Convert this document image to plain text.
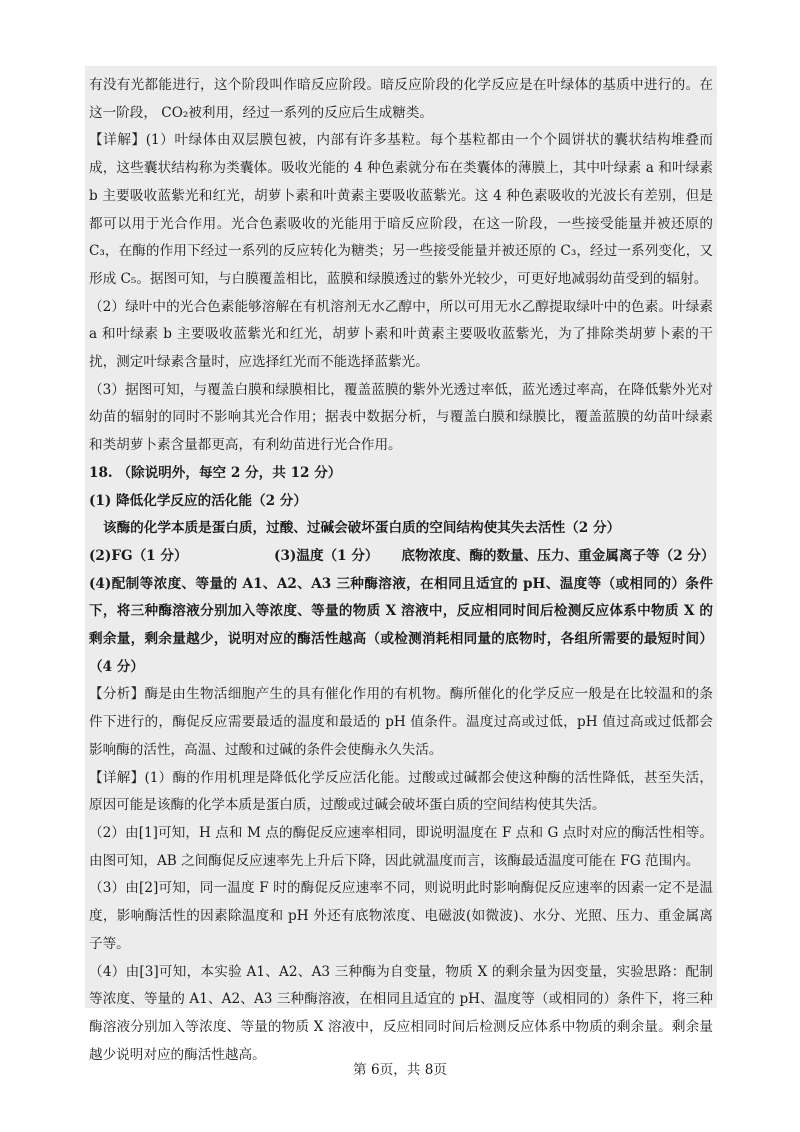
有没有光都能进行，这个阶段叫作暗反应阶段。暗反应阶段的化学反应是在叶绿体的基质中进行的。在这一阶段， CO₂被利用，经过一系列的反应后生成糖类。

【详解】(1）叶绿体由双层膜包被，内部有许多基粒。每个基粒都由一个个圆饼状的囊状结构堆叠而成，这些囊状结构称为类囊体。吸收光能的 4 种色素就分布在类囊体的薄膜上，其中叶绿素 a 和叶绿素 b 主要吸收蓝紫光和红光，胡萝卜素和叶黄素主要吸收蓝紫光。这 4 种色素吸收的光波长有差别，但是都可以用于光合作用。光合色素吸收的光能用于暗反应阶段，在这一阶段，一些接受能量并被还原的 C₃，在酶的作用下经过一系列的反应转化为糖类；另一些接受能量并被还原的 C₃，经过一系列变化，又形成 C₅。据图可知，与白膜覆盖相比，蓝膜和绿膜透过的紫外光较少，可更好地减弱幼苗受到的辐射。

（2）绿叶中的光合色素能够溶解在有机溶剂无水乙醇中，所以可用无水乙醇提取绿叶中的色素。叶绿素 a 和叶绿素 b 主要吸收蓝紫光和红光，胡萝卜素和叶黄素主要吸收蓝紫光，为了排除类胡萝卜素的干扰，测定叶绿素含量时，应选择红光而不能选择蓝紫光。

（3）据图可知，与覆盖白膜和绿膜相比，覆盖蓝膜的紫外光透过率低，蓝光透过率高，在降低紫外光对幼苗的辐射的同时不影响其光合作用；据表中数据分析，与覆盖白膜和绿膜比，覆盖蓝膜的幼苗叶绿素和类胡萝卜素含量都更高，有利幼苗进行光合作用。

18. （除说明外，每空 2 分，共 12 分）

(1) 降低化学反应的活化能（2 分）

该酶的化学本质是蛋白质，过酸、过碱会破坏蛋白质的空间结构使其失去活性（2 分）

(2)FG（1 分）	(3)温度（1 分）	底物浓度、酶的数量、压力、重金属离子等（2 分）

(4)配制等浓度、等量的 A1、A2、A3 三种酶溶液，在相同且适宜的 pH、温度等（或相同的）条件下，将三种酶溶液分别加入等浓度、等量的物质 X 溶液中，反应相同时间后检测反应体系中物质 X 的剩余量，剩余量越少，说明对应的酶活性越高（或检测消耗相同量的底物时，各组所需要的最短时间）（4 分）

【分析】酶是由生物活细胞产生的具有催化作用的有机物。酶所催化的化学反应一般是在比较温和的条件下进行的，酶促反应需要最适的温度和最适的 pH 值条件。温度过高或过低，pH 值过高或过低都会影响酶的活性，高温、过酸和过碱的条件会使酶永久失活。

【详解】(1）酶的作用机理是降低化学反应活化能。过酸或过碱都会使这种酶的活性降低，甚至失活，原因可能是该酶的化学本质是蛋白质，过酸或过碱会破坏蛋白质的空间结构使其失活。

（2）由[1]可知，H 点和 M 点的酶促反应速率相同，即说明温度在 F 点和 G 点时对应的酶活性相等。由图可知，AB 之间酶促反应速率先上升后下降，因此就温度而言，该酶最适温度可能在 FG 范围内。

（3）由[2]可知，同一温度 F 时的酶促反应速率不同，则说明此时影响酶促反应速率的因素一定不是温度，影响酶活性的因素除温度和 pH 外还有底物浓度、电磁波(如微波)、水分、光照、压力、重金属离子等。

（4）由[3]可知，本实验 A1、A2、A3 三种酶为自变量，物质 X 的剩余量为因变量，实验思路：配制等浓度、等量的 A1、A2、A3 三种酶溶液，在相同且适宜的 pH、温度等（或相同的）条件下，将三种酶溶液分别加入等浓度、等量的物质 X 溶液中，反应相同时间后检测反应体系中物质的剩余量。剩余量越少说明对应的酶活性越高。

第 6页，共 8页
